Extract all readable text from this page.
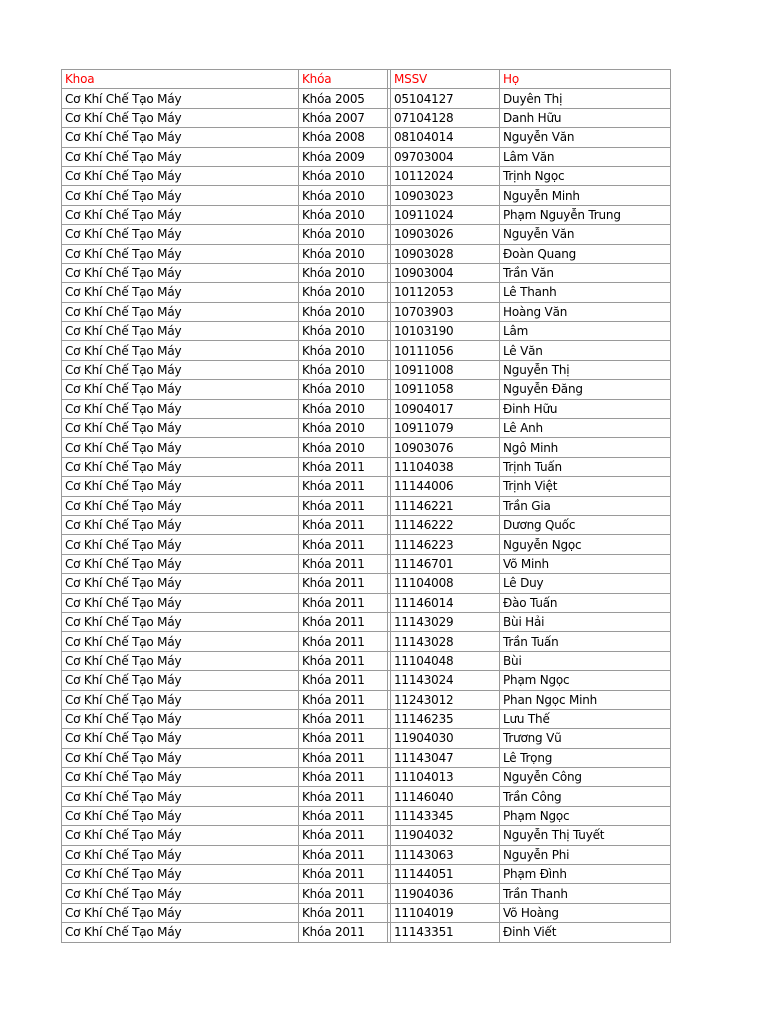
Khoa	Khóa		MSSV	Họ
Cơ Khí Chế Tạo Máy	Khóa 2005		05104127	Duyên Thị
Cơ Khí Chế Tạo Máy	Khóa 2007		07104128	Danh Hữu
Cơ Khí Chế Tạo Máy	Khóa 2008		08104014	Nguyễn Văn
Cơ Khí Chế Tạo Máy	Khóa 2009		09703004	Lâm Văn
Cơ Khí Chế Tạo Máy	Khóa 2010		10112024	Trịnh Ngọc
Cơ Khí Chế Tạo Máy	Khóa 2010		10903023	Nguyễn Minh
Cơ Khí Chế Tạo Máy	Khóa 2010		10911024	Phạm Nguyễn Trung
Cơ Khí Chế Tạo Máy	Khóa 2010		10903026	Nguyễn Văn
Cơ Khí Chế Tạo Máy	Khóa 2010		10903028	Đoàn Quang
Cơ Khí Chế Tạo Máy	Khóa 2010		10903004	Trần Văn
Cơ Khí Chế Tạo Máy	Khóa 2010		10112053	Lê Thanh
Cơ Khí Chế Tạo Máy	Khóa 2010		10703903	Hoàng Văn
Cơ Khí Chế Tạo Máy	Khóa 2010		10103190	Lâm
Cơ Khí Chế Tạo Máy	Khóa 2010		10111056	Lê Văn
Cơ Khí Chế Tạo Máy	Khóa 2010		10911008	Nguyễn Thị
Cơ Khí Chế Tạo Máy	Khóa 2010		10911058	Nguyễn Đăng
Cơ Khí Chế Tạo Máy	Khóa 2010		10904017	Đinh Hữu
Cơ Khí Chế Tạo Máy	Khóa 2010		10911079	Lê Anh
Cơ Khí Chế Tạo Máy	Khóa 2010		10903076	Ngô Minh
Cơ Khí Chế Tạo Máy	Khóa 2011		11104038	Trịnh Tuấn
Cơ Khí Chế Tạo Máy	Khóa 2011		11144006	Trịnh Việt
Cơ Khí Chế Tạo Máy	Khóa 2011		11146221	Trần Gia
Cơ Khí Chế Tạo Máy	Khóa 2011		11146222	Dương Quốc
Cơ Khí Chế Tạo Máy	Khóa 2011		11146223	Nguyễn Ngọc
Cơ Khí Chế Tạo Máy	Khóa 2011		11146701	Võ Minh
Cơ Khí Chế Tạo Máy	Khóa 2011		11104008	Lê Duy
Cơ Khí Chế Tạo Máy	Khóa 2011		11146014	Đào Tuấn
Cơ Khí Chế Tạo Máy	Khóa 2011		11143029	Bùi Hải
Cơ Khí Chế Tạo Máy	Khóa 2011		11143028	Trần Tuấn
Cơ Khí Chế Tạo Máy	Khóa 2011		11104048	Bùi
Cơ Khí Chế Tạo Máy	Khóa 2011		11143024	Phạm Ngọc
Cơ Khí Chế Tạo Máy	Khóa 2011		11243012	Phan Ngọc Minh
Cơ Khí Chế Tạo Máy	Khóa 2011		11146235	Lưu Thế
Cơ Khí Chế Tạo Máy	Khóa 2011		11904030	Trương Vũ
Cơ Khí Chế Tạo Máy	Khóa 2011		11143047	Lê Trọng
Cơ Khí Chế Tạo Máy	Khóa 2011		11104013	Nguyễn Công
Cơ Khí Chế Tạo Máy	Khóa 2011		11146040	Trần Công
Cơ Khí Chế Tạo Máy	Khóa 2011		11143345	Phạm Ngọc
Cơ Khí Chế Tạo Máy	Khóa 2011		11904032	Nguyễn Thị Tuyết
Cơ Khí Chế Tạo Máy	Khóa 2011		11143063	Nguyễn Phi
Cơ Khí Chế Tạo Máy	Khóa 2011		11144051	Phạm Đình
Cơ Khí Chế Tạo Máy	Khóa 2011		11904036	Trần Thanh
Cơ Khí Chế Tạo Máy	Khóa 2011		11104019	Võ Hoàng
Cơ Khí Chế Tạo Máy	Khóa 2011		11143351	Đinh Viết
